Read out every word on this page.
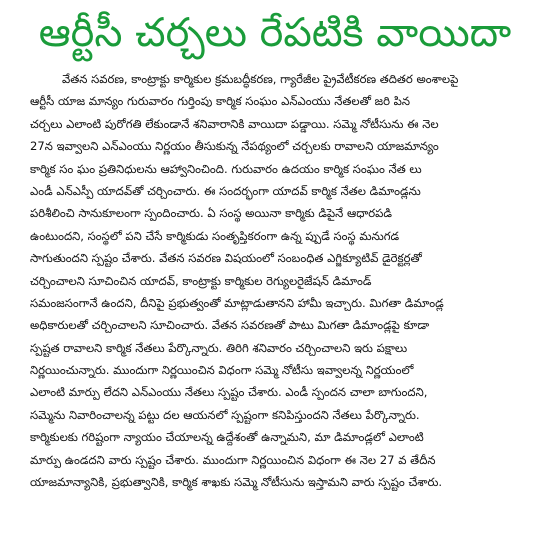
ఆర్టీసీ చర్చలు రేపటికి వాయిదా
వేతన సవరణ, కాంట్రాక్టు కార్మికుల క్రమబద్ధీకరణ, గ్యారేజీల ప్రైవేటీకరణ తదితర అంశాలపై
ఆర్టీసీ యాజ మాన్యం గురువారం గుర్తింపు కార్మిక సంఘం ఎన్ఎంయు నేతలతో జరి పిన
చర్చలు ఎలాంటి పురోగతి లేకుండానే శనివారానికి వాయిదా పడ్డాయి. సమ్మె నోటీసును ఈ నెల
27న ఇవ్వాలని ఎన్ఎంయు నిర్ణయం తీసుకున్న నేపథ్యంలో చర్చలకు రావాలని యాజమాన్యం
కార్మిక సం ఘం ప్రతినిధులను ఆహ్వానించింది. గురువారం ఉదయం కార్మిక సంఘం నేత లు
ఎండీ ఎన్ఎస్పీ యాదవ్‌తో చర్చించారు. ఈ సందర్భంగా యాదవ్ కార్మిక నేతల డిమాండ్లను
పరిశీలించి సానుకూలంగా స్పందించారు. ఏ సంస్థ అయినా కార్మికు డిపైనే ఆధారపడి
ఉంటుందని, సంస్థలో పని చేసే కార్మికుడు సంతృప్తికరంగా ఉన్న ప్పుడే సంస్థ మనుగడ
సాగుతుందని స్పష్టం చేశారు. వేతన సవరణ విషయంలో సంబంధిత ఎగ్జిక్యూటివ్ డైరెక్టర్లతో
చర్చించాలని సూచించిన యాదవ్, కాంట్రాక్టు కార్మికుల రెగ్యులరైజేషన్ డిమాండ్
సమంజసంగానే ఉందని, దీనిపై ప్రభుత్వంతో మాట్లాడుతానని హామీ ఇచ్చారు. మిగతా డిమాండ్ల
అధికారులతో చర్చించాలని సూచించారు. వేతన సవరణతో పాటు మిగతా డిమాండ్లపై కూడా
స్పష్టత రావాలని కార్మిక నేతలు పేర్కొన్నారు. తిరిగి శనివారం చర్చించాలని ఇరు పక్షాలు
నిర్ణయించున్నారు. ముందుగా నిర్ణయించిన విధంగా సమ్మె నోటీసు ఇవ్వాలన్న నిర్ణయంలో
ఎలాంటి మార్పు లేదని ఎన్ఎంయు నేతలు స్పష్టం చేశారు. ఎండీ స్పందన చాలా బాగుందని,
సమ్మెను నివారించాలన్న పట్టు దల ఆయనలో స్పష్టంగా కనిపిస్తుందని నేతలు పేర్కొన్నారు.
కార్మికులకు గరిష్టంగా న్యాయం చేయాలన్న ఉద్దేశంతో ఉన్నామని, మా డిమాండ్లలో ఎలాంటి
మార్పు ఉండదని వారు స్పష్టం చేశారు. ముందుగా నిర్ణయించిన విధంగా ఈ నెల 27 వ తేదీన
యాజమాన్యానికి, ప్రభుత్వానికి, కార్మిక శాఖకు సమ్మె నోటీసును ఇస్తామని వారు స్పష్టం చేశారు.
